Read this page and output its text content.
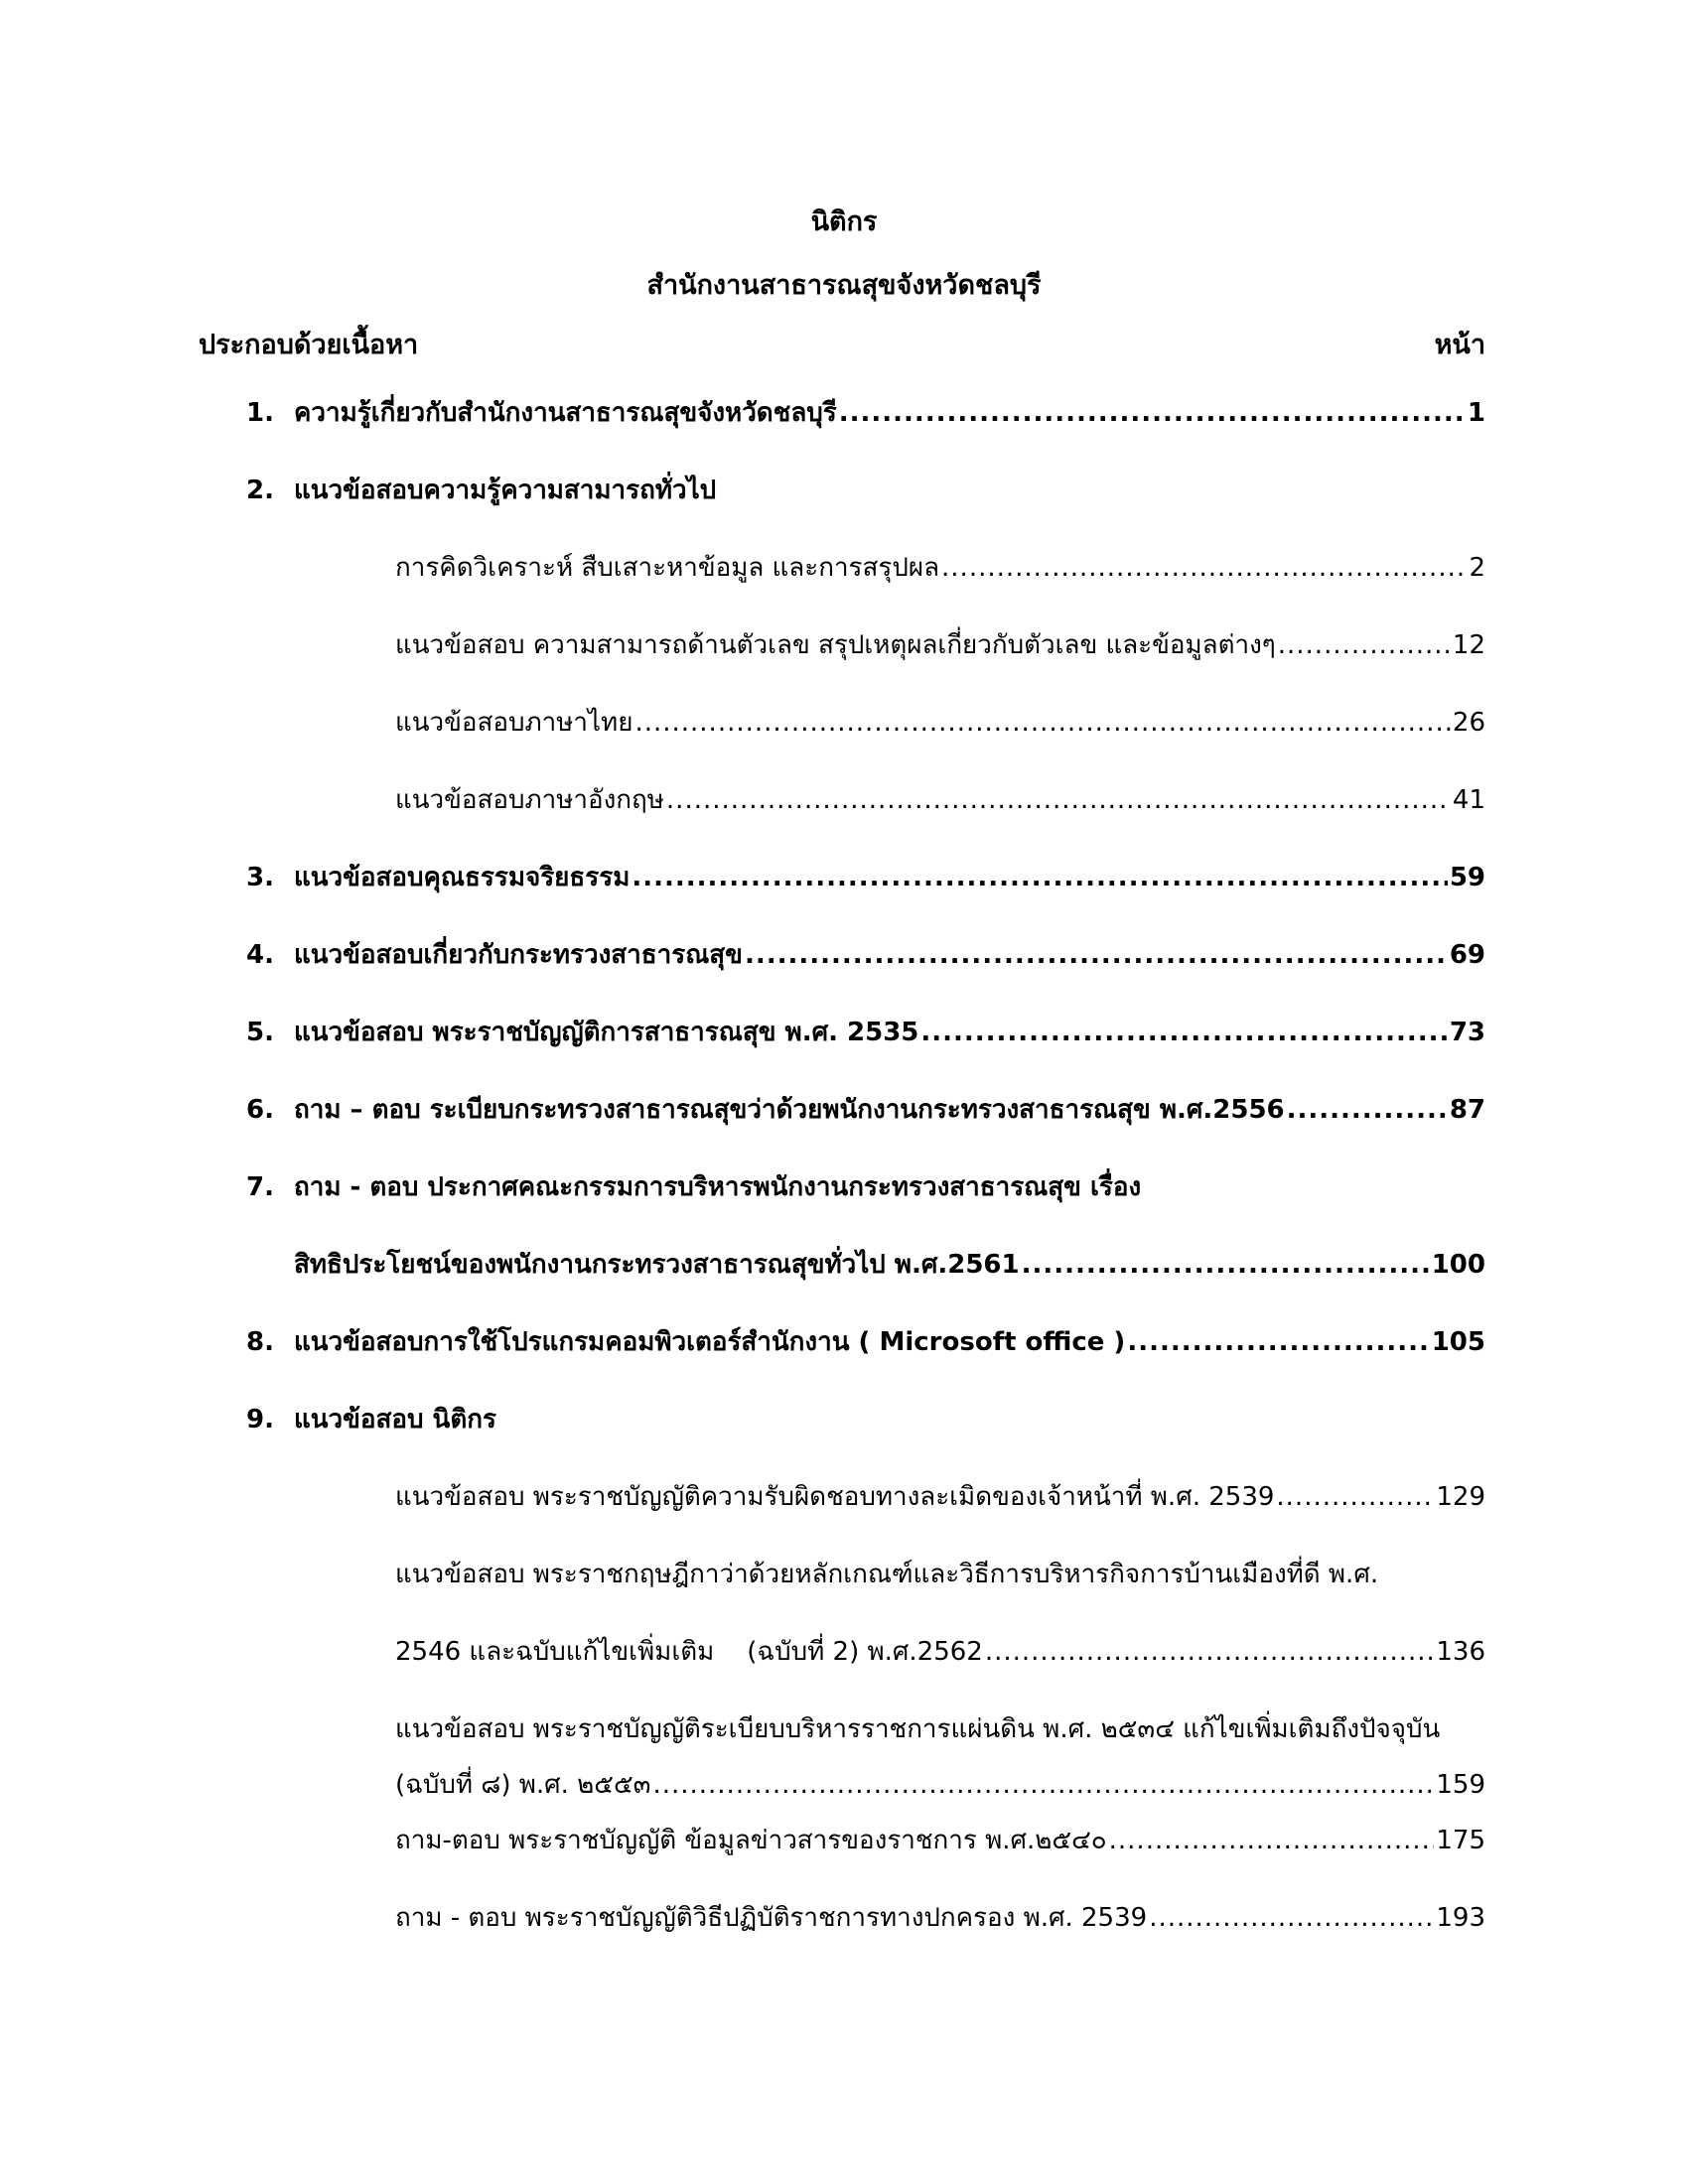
นิติกร
สำนักงานสาธารณสุขจังหวัดชลบุรี
ประกอบด้วยเนื้อหา	หน้า
1. ความรู้เกี่ยวกับสำนักงานสาธารณสุขจังหวัดชลบุรี .....	1
2. แนวข้อสอบความรู้ความสามารถทั่วไป
การคิดวิเคราะห์ สืบเสาะหาข้อมูล และการสรุปผล .....	2
แนวข้อสอบ ความสามารถด้านตัวเลข สรุปเหตุผลเกี่ยวกับตัวเลข และข้อมูลต่างๆ .....	12
แนวข้อสอบภาษาไทย .....	26
แนวข้อสอบภาษาอังกฤษ .....	41
3. แนวข้อสอบคุณธรรมจริยธรรม .....	59
4. แนวข้อสอบเกี่ยวกับกระทรวงสาธารณสุข .....	69
5. แนวข้อสอบ พระราชบัญญัติการสาธารณสุข พ.ศ. 2535 .....	73
6. ถาม – ตอบ ระเบียบกระทรวงสาธารณสุขว่าด้วยพนักงานกระทรวงสาธารณสุข พ.ศ.2556 .....	87
7. ถาม - ตอบ ประกาศคณะกรรมการบริหารพนักงานกระทรวงสาธารณสุข เรื่อง
สิทธิประโยชน์ของพนักงานกระทรวงสาธารณสุขทั่วไป พ.ศ.2561 .....	100
8. แนวข้อสอบการใช้โปรแกรมคอมพิวเตอร์สำนักงาน ( Microsoft office ) .....	105
9. แนวข้อสอบ นิติกร
แนวข้อสอบ พระราชบัญญัติความรับผิดชอบทางละเมิดของเจ้าหน้าที่ พ.ศ. 2539 .....	129
แนวข้อสอบ พระราชกฤษฎีกาว่าด้วยหลักเกณฑ์และวิธีการบริหารกิจการบ้านเมืองที่ดี พ.ศ.
2546 และฉบับแก้ไขเพิ่มเติม    (ฉบับที่ 2) พ.ศ.2562 .....	136
แนวข้อสอบ พระราชบัญญัติระเบียบบริหารราชการแผ่นดิน พ.ศ. ๒๕๓๔ แก้ไขเพิ่มเติมถึงปัจจุบัน
(ฉบับที่ ๘) พ.ศ. ๒๕๕๓ .....	159
ถาม-ตอบ พระราชบัญญัติ ข้อมูลข่าวสารของราชการ พ.ศ.๒๕๔๐ .....	175
ถาม - ตอบ พระราชบัญญัติวิธีปฏิบัติราชการทางปกครอง พ.ศ. 2539 .....	193
